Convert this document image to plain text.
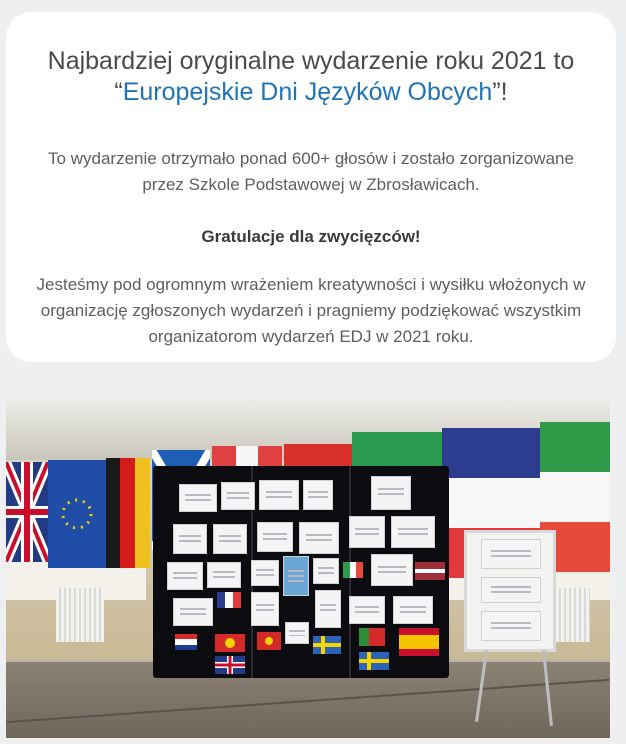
Najbardziej oryginalne wydarzenie roku 2021 to
“Europejskie Dni Języków Obcych”!

To wydarzenie otrzymało ponad 600+ głosów i zostało zorganizowane przez Szkole Podstawowej w Zbrosławicach.

Gratulacje dla zwycięzców!

Jesteśmy pod ogromnym wrażeniem kreatywności i wysiłku włożonych w organizację zgłoszonych wydarzeń i pragniemy podziękować wszystkim organizatorom wydarzeń EDJ w 2021 roku.
